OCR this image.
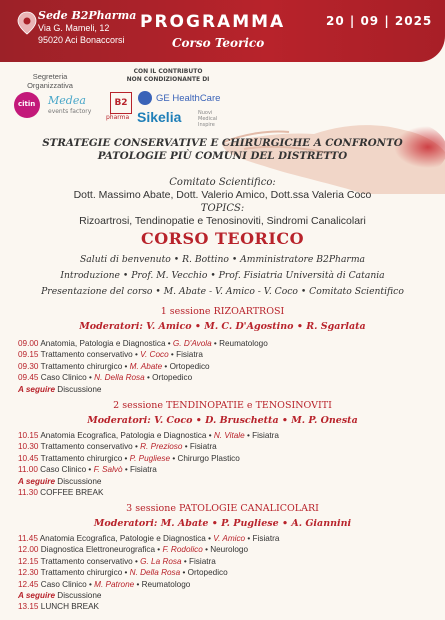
Sede B2Pharma
Via G. Mameli, 12
95020 Aci Bonaccorsi
PROGRAMMA
Corso Teorico
20 | 09 | 2025
Segreteria
Organizzativa
citin Medea
events factory
CON IL CONTRIBUTO
NON CONDIZIONANTE DI
B2
pharma
GE HealthCare
Sikelia	Nuovi Medical Inspire
STRATEGIE CONSERVATIVE E CHIRURGICHE A CONFRONTO
PATOLOGIE PIÙ COMUNI DEL DISTRETTO
Comitato Scientifico:
Dott. Massimo Abate, Dott. Valerio Amico, Dott.ssa Valeria Coco
TOPICS:
Rizoartrosi, Tendinopatie e Tenosinoviti, Sindromi Canalicolari
CORSO TEORICO
Saluti di benvenuto • R. Bottino • Amministratore B2Pharma
Introduzione • Prof. M. Vecchio • Prof. Fisiatria Università di Catania
Presentazione del corso • M. Abate - V. Amico - V. Coco • Comitato Scientifico
1 sessione RIZOARTROSI
Moderatori: V. Amico • M. C. D'Agostino • R. Sgarlata
09.00 Anatomia, Patologia e Diagnostica • G. D'Avola • Reumatologo
09.15 Trattamento conservativo • V. Coco • Fisiatra
09.30 Trattamento chirurgico • M. Abate • Ortopedico
09.45 Caso Clinico • N. Della Rosa • Ortopedico
A seguire Discussione
2 sessione TENDINOPATIE e TENOSINOVITI
Moderatori: V. Coco • D. Bruschetta • M. P. Onesta
10.15 Anatomia Ecografica, Patologia e Diagnostica • N. Vitale • Fisiatra
10.30 Trattamento conservativo • R. Prezioso • Fisiatra
10.45 Trattamento chirurgico • P. Pugliese • Chirurgo Plastico
11.00 Caso Clinico • F. Salvò • Fisiatra
A seguire Discussione
11.30 COFFEE BREAK
3 sessione PATOLOGIE CANALICOLARI
Moderatori: M. Abate • P. Pugliese • A. Giannini
11.45 Anatomia Ecografica, Patologie e Diagnostica • V. Amico • Fisiatra
12.00 Diagnostica Elettroneurografica • F. Rodolico • Neurologo
12.15 Trattamento conservativo • G. La Rosa • Fisiatra
12.30 Trattamento chirurgico • N. Della Rosa • Ortopedico
12.45 Caso Clinico • M. Patrone • Reumatologo
A seguire Discussione
13.15 LUNCH BREAK
